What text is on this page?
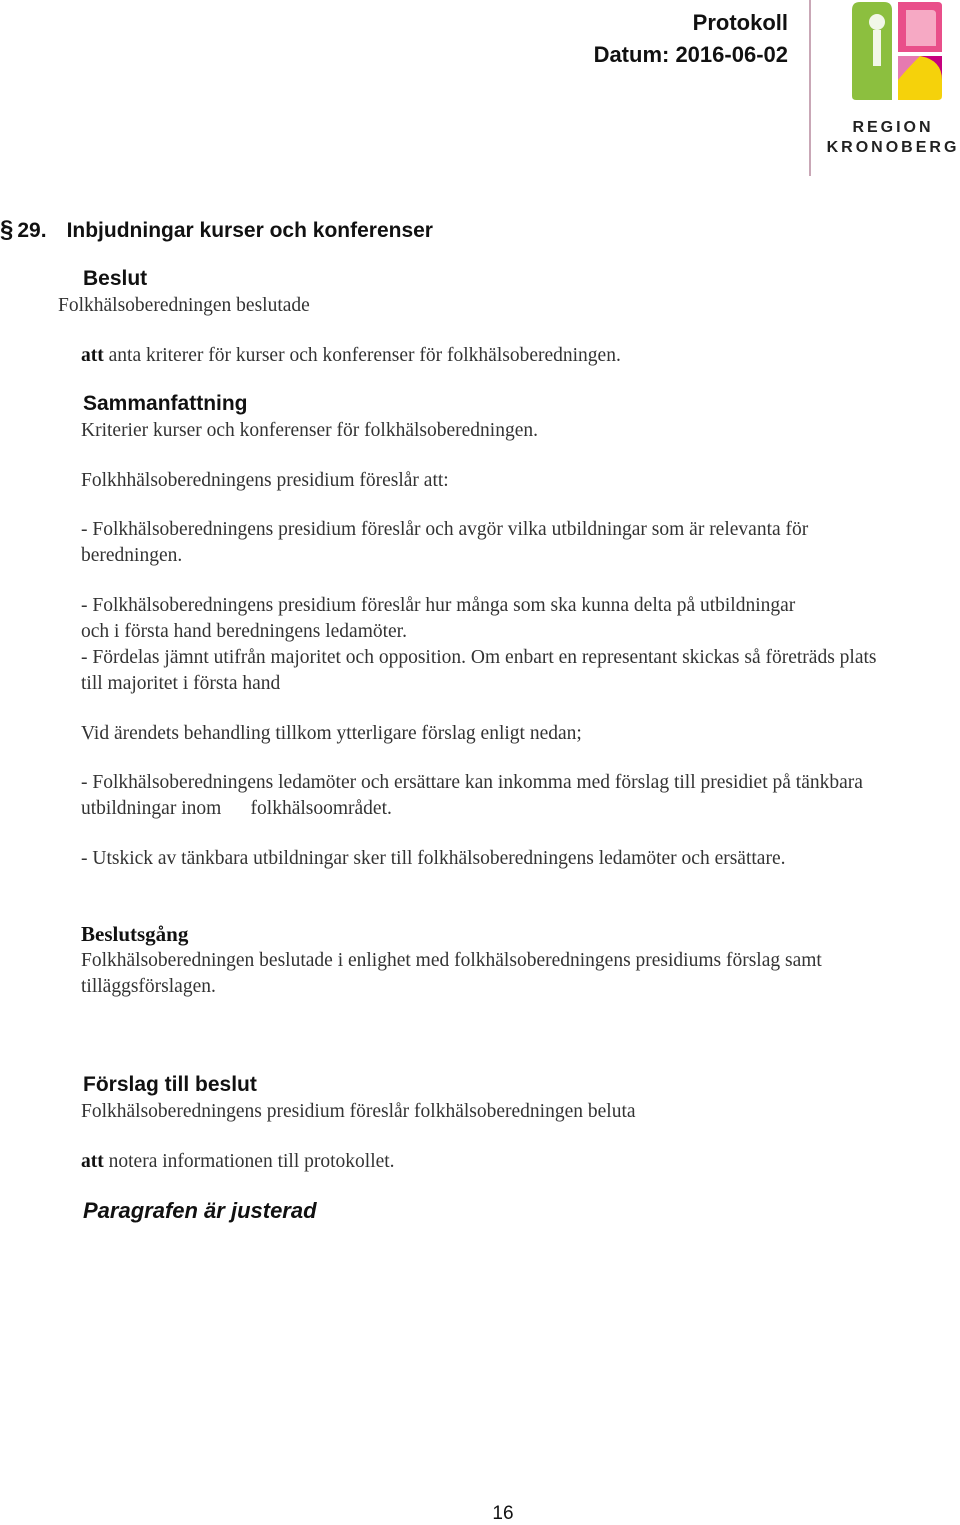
Protokoll
Datum: 2016-06-02
REGION
KRONOBERG
§ 29. Inbjudningar kurser och konferenser
Beslut
Folkhälsoberedningen beslutade
att anta kriterer för kurser och konferenser för folkhälsoberedningen.
Sammanfattning
Kriterier kurser och konferenser för folkhälsoberedningen.
Folkhhälsoberedningens presidium föreslår att:
- Folkhälsoberedningens presidium föreslår och avgör vilka utbildningar som är relevanta för beredningen.
- Folkhälsoberedningens presidium föreslår hur många som ska kunna delta på utbildningar och i första hand beredningens ledamöter.
- Fördelas jämnt utifrån majoritet och opposition. Om enbart en representant skickas så företräds plats till majoritet i första hand
Vid ärendets behandling tillkom ytterligare förslag enligt nedan;
- Folkhälsoberedningens ledamöter och ersättare kan inkomma med förslag till presidiet på tänkbara utbildningar inom      folkhälsoområdet.
- Utskick av tänkbara utbildningar sker till folkhälsoberedningens ledamöter och ersättare.
Beslutsgång
Folkhälsoberedningen beslutade i enlighet med folkhälsoberedningens presidiums förslag samt tilläggsförslagen.
Förslag till beslut
Folkhälsoberedningens presidium föreslår folkhälsoberedningen beluta
att notera informationen till protokollet.
Paragrafen är justerad
16
